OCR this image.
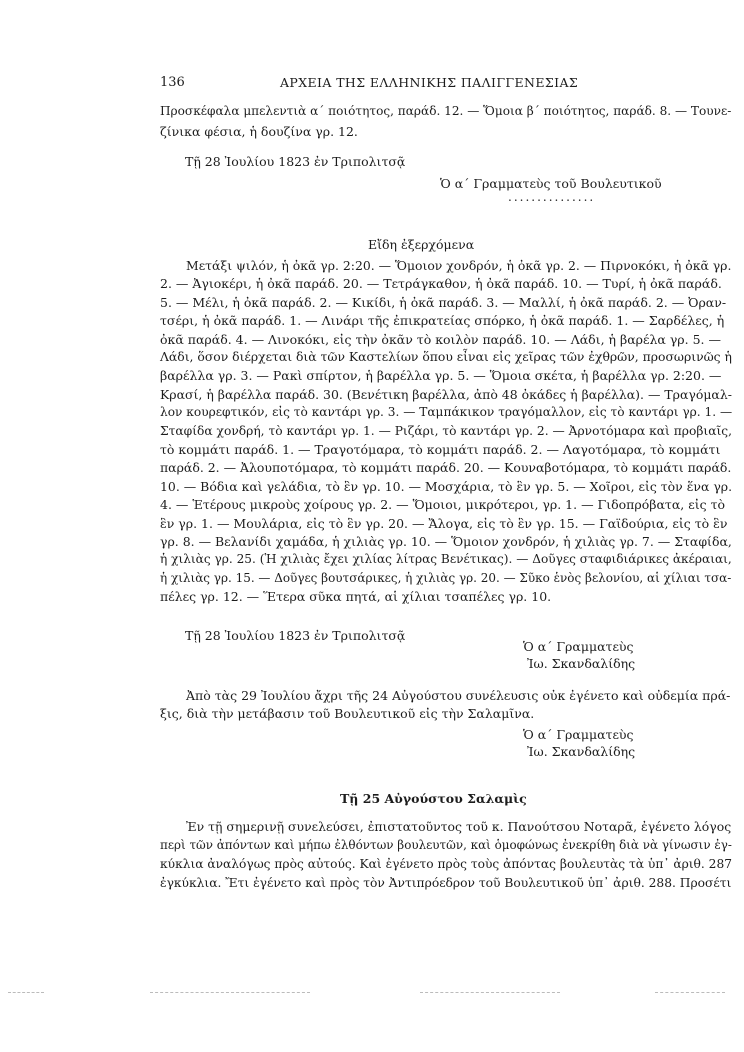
136	ΑΡΧΕΙΑ ΤΗΣ ΕΛΛΗΝΙΚΗΣ ΠΑΛΙΓΓΕΝΕΣΙΑΣ
Προσκέφαλα μπελεντιὰ α΄ ποιότητος, παράδ. 12. — Ὅμοια β΄ ποιότητος, παράδ. 8. — Τουνε-
ζίνικα φέσια, ἡ δουζίνα γρ. 12.
Τῇ 28 Ἰουλίου 1823 ἐν Τριπολιτσᾷ
Ὁ α΄ Γραμματεὺς τοῦ Βουλευτικοῦ
...............
Εἴδη ἐξερχόμενα
Μετάξι ψιλόν, ἡ ὀκᾶ γρ. 2:20. — Ὅμοιον χονδρόν, ἡ ὀκᾶ γρ. 2. — Πιρνοκόκι, ἡ ὀκᾶ γρ.
2. — Ἀγιοκέρι, ἡ ὀκᾶ παράδ. 20. — Τετράγκαθον, ἡ ὀκᾶ παράδ. 10. — Τυρί, ἡ ὀκᾶ παράδ.
5. — Μέλι, ἡ ὀκᾶ παράδ. 2. — Κικίδι, ἡ ὀκᾶ παράδ. 3. — Μαλλί, ἡ ὀκᾶ παράδ. 2. — Ὀραν-
τσέρι, ἡ ὀκᾶ παράδ. 1. — Λινάρι τῆς ἐπικρατείας σπόρκο, ἡ ὀκᾶ παράδ. 1. — Σαρδέλες, ἡ
ὀκᾶ παράδ. 4. — Λινοκόκι, εἰς τὴν ὀκᾶν τὸ κοιλὸν παράδ. 10. — Λάδι, ἡ βαρέλα γρ. 5. —
Λάδι, ὅσον διέρχεται διὰ τῶν Καστελίων ὅπου εἶναι εἰς χεῖρας τῶν ἐχθρῶν, προσωρινῶς ἡ
βαρέλλα γρ. 3. — Ρακὶ σπίρτον, ἡ βαρέλλα γρ. 5. — Ὅμοια σκέτα, ἡ βαρέλλα γρ. 2:20. —
Κρασί, ἡ βαρέλλα παράδ. 30. (Βενέτικη βαρέλλα, ἀπὸ 48 ὀκάδες ἡ βαρέλλα). — Τραγόμαλ-
λον κουρεφτικόν, εἰς τὸ καντάρι γρ. 3. — Ταμπάκικον τραγόμαλλον, εἰς τὸ καντάρι γρ. 1. —
Σταφίδα χονδρή, τὸ καντάρι γρ. 1. — Ριζάρι, τὸ καντάρι γρ. 2. — Ἀρνοτόμαρα καὶ προβιαῖς,
τὸ κομμάτι παράδ. 1. — Τραγοτόμαρα, τὸ κομμάτι παράδ. 2. — Λαγοτόμαρα, τὸ κομμάτι
παράδ. 2. — Ἀλουποτόμαρα, τὸ κομμάτι παράδ. 20. — Κουναβοτόμαρα, τὸ κομμάτι παράδ.
10. — Βόδια καὶ γελάδια, τὸ ἓν γρ. 10. — Μοσχάρια, τὸ ἓν γρ. 5. — Χοῖροι, εἰς τὸν ἕνα γρ.
4. — Ἑτέρους μικροὺς χοίρους γρ. 2. — Ὅμοιοι, μικρότεροι, γρ. 1. — Γιδοπρόβατα, εἰς τὸ
ἓν γρ. 1. — Μουλάρια, εἰς τὸ ἓν γρ. 20. — Ἄλογα, εἰς τὸ ἓν γρ. 15. — Γαϊδούρια, εἰς τὸ ἓν
γρ. 8. — Βελανίδι χαμάδα, ἡ χιλιὰς γρ. 10. — Ὅμοιον χονδρόν, ἡ χιλιὰς γρ. 7. — Σταφίδα,
ἡ χιλιὰς γρ. 25. (Ἡ χιλιὰς ἔχει χιλίας λίτρας Βενέτικας). — Δοῦγες σταφιδιάρικες ἀκέραιαι,
ἡ χιλιὰς γρ. 15. — Δοῦγες βουτσάρικες, ἡ χιλιὰς γρ. 20. — Σῦκο ἑνὸς βελονίου, αἱ χίλιαι τσα-
πέλες γρ. 12. — Ἕτερα σῦκα πητά, αἱ χίλιαι τσαπέλες γρ. 10.
Τῇ 28 Ἰουλίου 1823 ἐν Τριπολιτσᾷ
Ὁ α΄ Γραμματεὺς
Ἰω. Σκανδαλίδης
Ἀπὸ τὰς 29 Ἰουλίου ἄχρι τῆς 24 Αὐγούστου συνέλευσις οὐκ ἐγένετο καὶ οὐδεμία πρά-
ξις, διὰ τὴν μετάβασιν τοῦ Βουλευτικοῦ εἰς τὴν Σαλαμῖνα.
Ὁ α΄ Γραμματεὺς
Ἰω. Σκανδαλίδης
Τῇ 25 Αὐγούστου Σαλαμὶς
Ἐν τῇ σημερινῇ συνελεύσει, ἐπιστατοῦντος τοῦ κ. Πανούτσου Νοταρᾶ, ἐγένετο λόγος
περὶ τῶν ἀπόντων καὶ μήπω ἐλθόντων βουλευτῶν, καὶ ὁμοφώνως ἐνεκρίθη διὰ νὰ γίνωσιν ἐγ-
κύκλια ἀναλόγως πρὸς αὐτούς. Καὶ ἐγένετο πρὸς τοὺς ἀπόντας βουλευτὰς τὰ ὑπ᾽ ἀριθ. 287
ἐγκύκλια. Ἔτι ἐγένετο καὶ πρὸς τὸν Ἀντιπρόεδρον τοῦ Βουλευτικοῦ ὑπ᾽ ἀριθ. 288. Προσέτι
